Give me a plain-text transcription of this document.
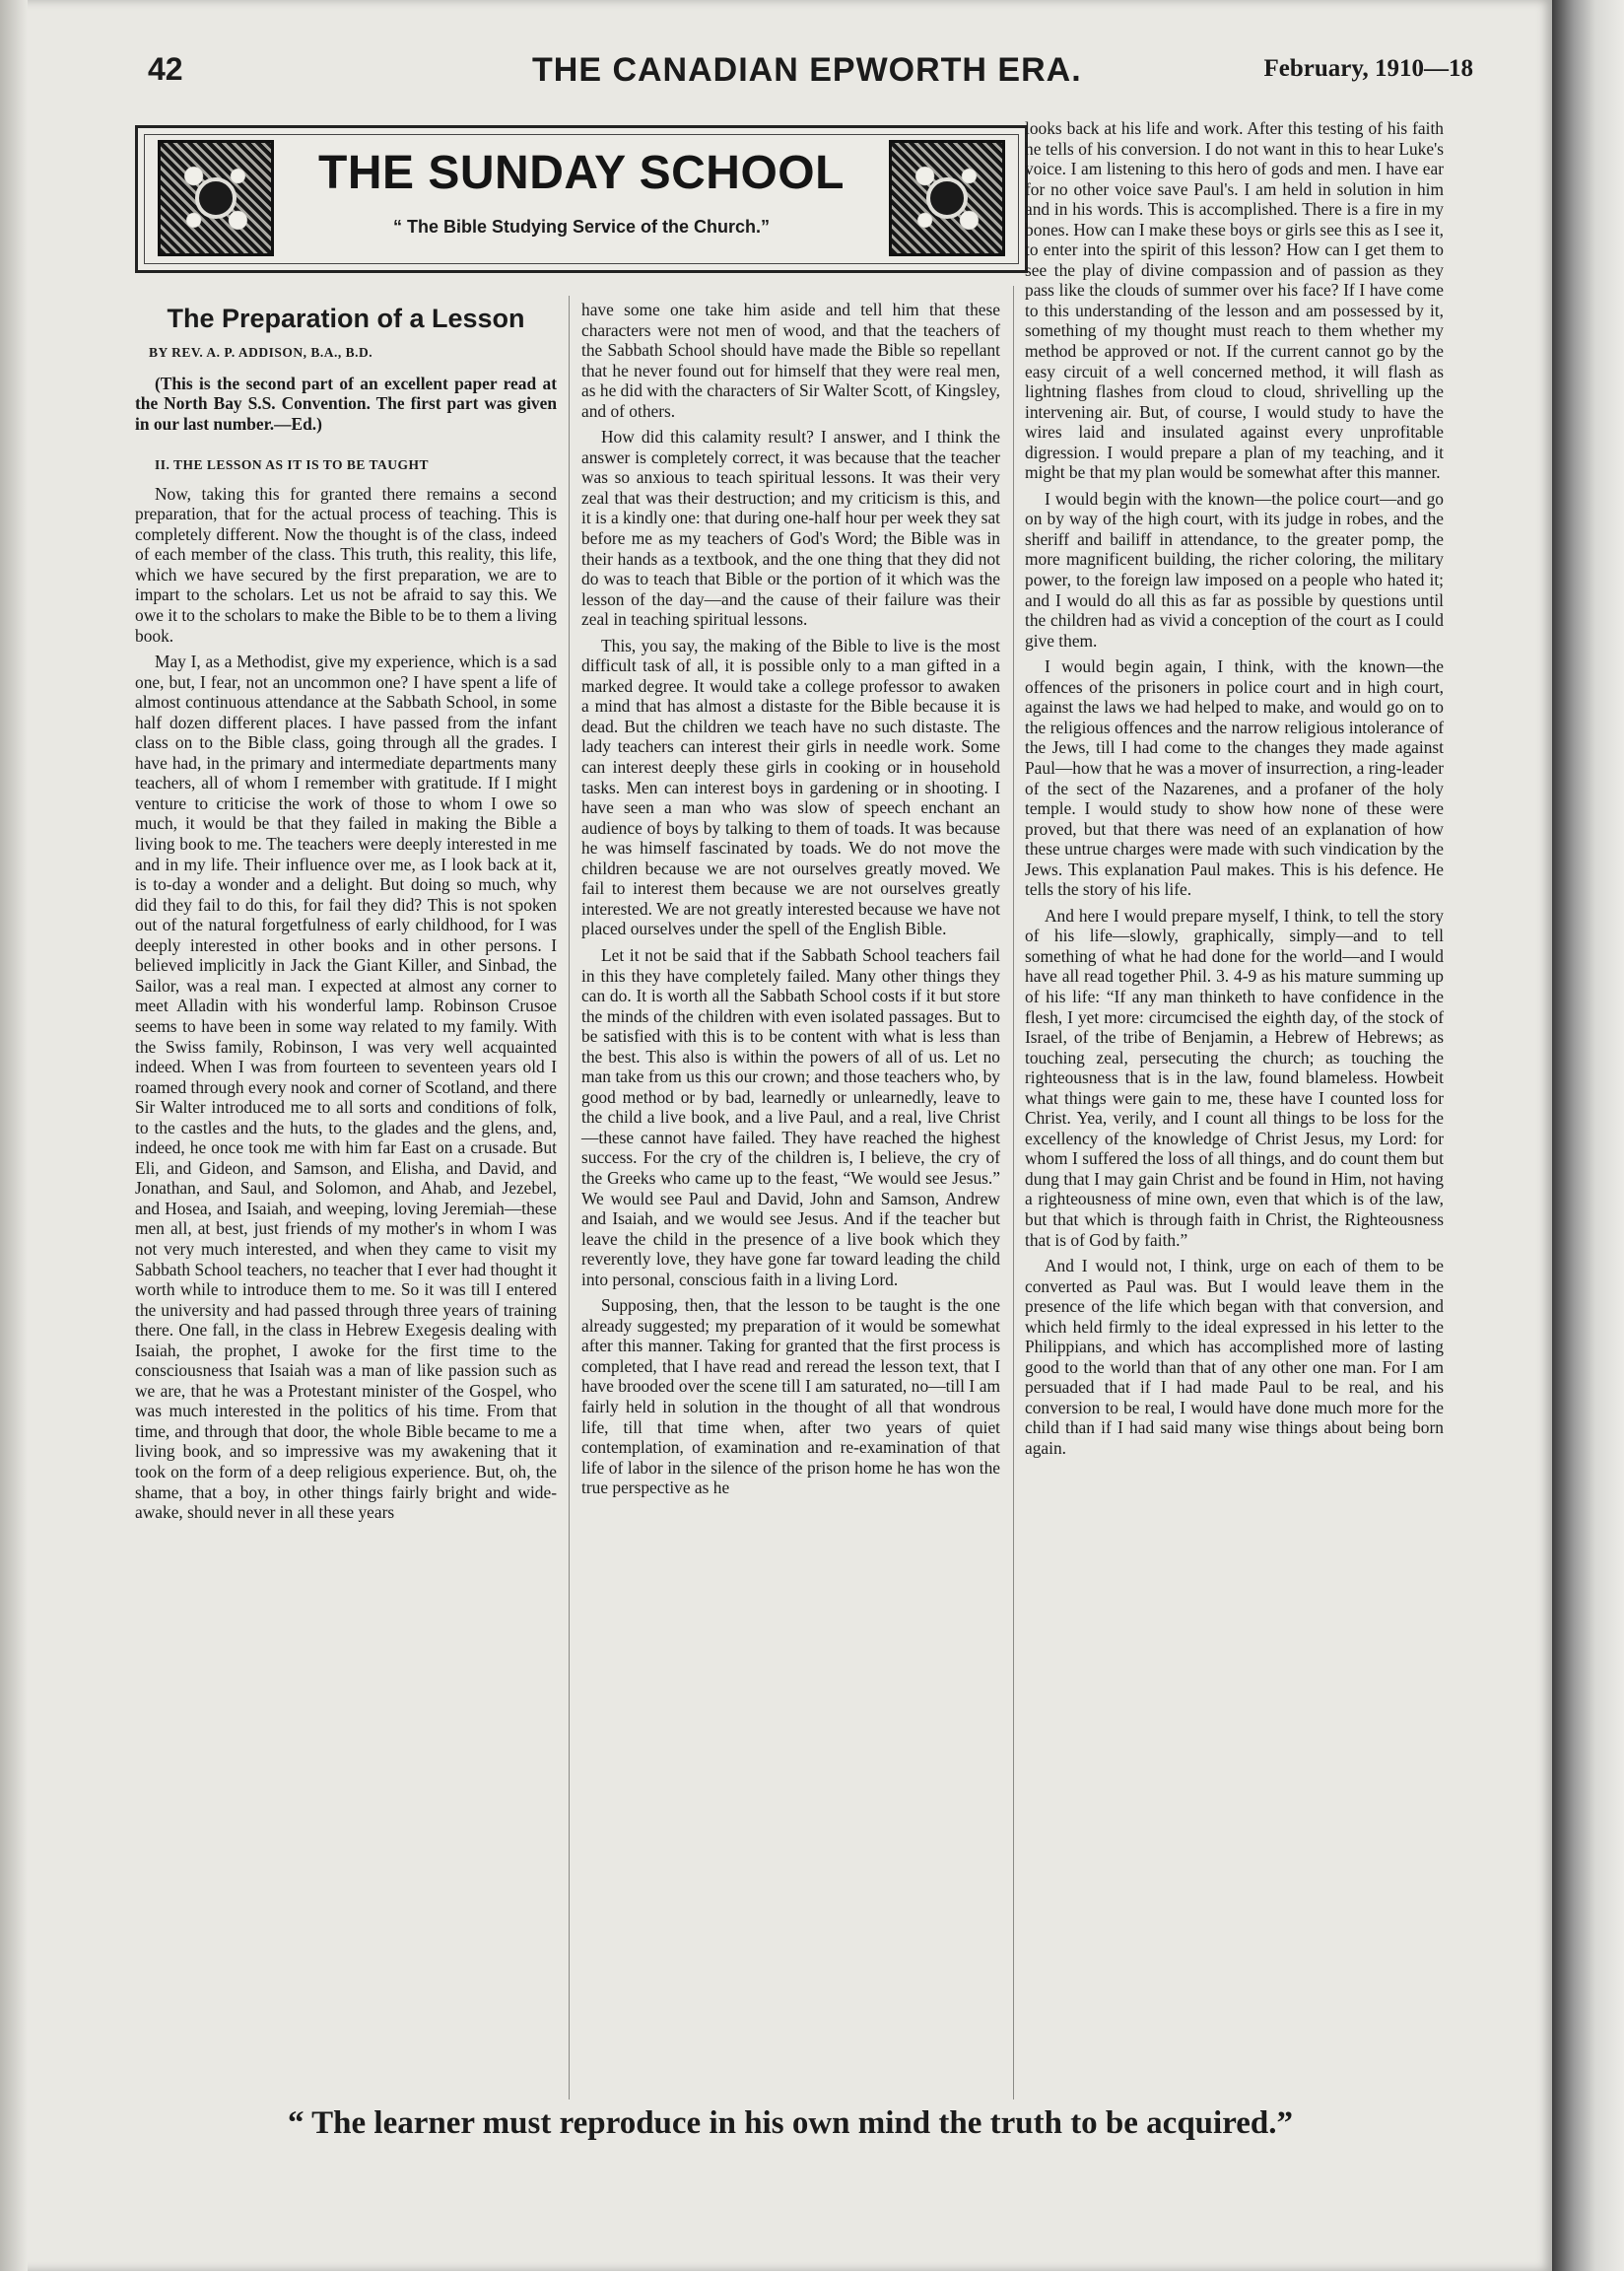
42	THE CANADIAN EPWORTH ERA.	February, 1910—18
THE SUNDAY SCHOOL
“ The Bible Studying Service of the Church.”
The Preparation of a Lesson

BY REV. A. P. ADDISON, B.A., B.D.

(This is the second part of an excellent paper read at the North Bay S.S. Convention. The first part was given in our last number.—Ed.)

II. THE LESSON AS IT IS TO BE TAUGHT

Now, taking this for granted there remains a second preparation, that for the actual process of teaching. This is completely different. Now the thought is of the class, indeed of each member of the class. This truth, this reality, this life, which we have secured by the first preparation, we are to impart to the scholars. Let us not be afraid to say this. We owe it to the scholars to make the Bible to be to them a living book.

May I, as a Methodist, give my experience, which is a sad one, but, I fear, not an uncommon one? I have spent a life of almost continuous attendance at the Sabbath School, in some half dozen different places. I have passed from the infant class on to the Bible class, going through all the grades. I have had, in the primary and intermediate departments many teachers, all of whom I remember with gratitude. If I might venture to criticise the work of those to whom I owe so much, it would be that they failed in making the Bible a living book to me. The teachers were deeply interested in me and in my life. Their influence over me, as I look back at it, is to-day a wonder and a delight. But doing so much, why did they fail to do this, for fail they did? This is not spoken out of the natural forgetfulness of early childhood, for I was deeply interested in other books and in other persons. I believed implicitly in Jack the Giant Killer, and Sinbad, the Sailor, was a real man. I expected at almost any corner to meet Alladin with his wonderful lamp. Robinson Crusoe seems to have been in some way related to my family. With the Swiss family, Robinson, I was very well acquainted indeed. When I was from fourteen to seventeen years old I roamed through every nook and corner of Scotland, and there Sir Walter introduced me to all sorts and conditions of folk, to the castles and the huts, to the glades and the glens, and, indeed, he once took me with him far East on a crusade. But Eli, and Gideon, and Samson, and Elisha, and David, and Jonathan, and Saul, and Solomon, and Ahab, and Jezebel, and Hosea, and Isaiah, and weeping, loving Jeremiah—these men all, at best, just friends of my mother's in whom I was not very much interested, and when they came to visit my Sabbath School teachers, no teacher that I ever had thought it worth while to introduce them to me. So it was till I entered the university and had passed through three years of training there. One fall, in the class in Hebrew Exegesis dealing with Isaiah, the prophet, I awoke for the first time to the consciousness that Isaiah was a man of like passion such as we are, that he was a Protestant minister of the Gospel, who was much interested in the politics of his time. From that time, and through that door, the whole Bible became to me a living book, and so impressive was my awakening that it took on the form of a deep religious experience. But, oh, the shame, that a boy, in other things fairly bright and wide-awake, should never in all these years

have some one take him aside and tell him that these characters were not men of wood, and that the teachers of the Sabbath School should have made the Bible so repellant that he never found out for himself that they were real men, as he did with the characters of Sir Walter Scott, of Kingsley, and of others.

How did this calamity result? I answer, and I think the answer is completely correct, it was because that the teacher was so anxious to teach spiritual lessons. It was their very zeal that was their destruction; and my criticism is this, and it is a kindly one: that during one-half hour per week they sat before me as my teachers of God's Word; the Bible was in their hands as a textbook, and the one thing that they did not do was to teach that Bible or the portion of it which was the lesson of the day—and the cause of their failure was their zeal in teaching spiritual lessons.

This, you say, the making of the Bible to live is the most difficult task of all, it is possible only to a man gifted in a marked degree. It would take a college professor to awaken a mind that has almost a distaste for the Bible because it is dead. But the children we teach have no such distaste. The lady teachers can interest their girls in needle work. Some can interest deeply these girls in cooking or in household tasks. Men can interest boys in gardening or in shooting. I have seen a man who was slow of speech enchant an audience of boys by talking to them of toads. It was because he was himself fascinated by toads. We do not move the children because we are not ourselves greatly moved. We fail to interest them because we are not ourselves greatly interested. We are not greatly interested because we have not placed ourselves under the spell of the English Bible.

Let it not be said that if the Sabbath School teachers fail in this they have completely failed. Many other things they can do. It is worth all the Sabbath School costs if it but store the minds of the children with even isolated passages. But to be satisfied with this is to be content with what is less than the best. This also is within the powers of all of us. Let no man take from us this our crown; and those teachers who, by good method or by bad, learnedly or unlearnedly, leave to the child a live book, and a live Paul, and a real, live Christ—these cannot have failed. They have reached the highest success. For the cry of the children is, I believe, the cry of the Greeks who came up to the feast, “We would see Jesus.” We would see Paul and David, John and Samson, Andrew and Isaiah, and we would see Jesus. And if the teacher but leave the child in the presence of a live book which they reverently love, they have gone far toward leading the child into personal, conscious faith in a living Lord.

Supposing, then, that the lesson to be taught is the one already suggested; my preparation of it would be somewhat after this manner. Taking for granted that the first process is completed, that I have read and reread the lesson text, that I have brooded over the scene till I am saturated, no—till I am fairly held in solution in the thought of all that wondrous life, till that time when, after two years of quiet contemplation, of examination and re-examination of that life of labor in the silence of the prison home he has won the true perspective as he

looks back at his life and work. After this testing of his faith he tells of his conversion. I do not want in this to hear Luke's voice. I am listening to this hero of gods and men. I have ear for no other voice save Paul's. I am held in solution in him and in his words. This is accomplished. There is a fire in my bones. How can I make these boys or girls see this as I see it, to enter into the spirit of this lesson? How can I get them to see the play of divine compassion and of passion as they pass like the clouds of summer over his face? If I have come to this understanding of the lesson and am possessed by it, something of my thought must reach to them whether my method be approved or not. If the current cannot go by the easy circuit of a well concerned method, it will flash as lightning flashes from cloud to cloud, shrivelling up the intervening air. But, of course, I would study to have the wires laid and insulated against every unprofitable digression. I would prepare a plan of my teaching, and it might be that my plan would be somewhat after this manner.

I would begin with the known—the police court—and go on by way of the high court, with its judge in robes, and the sheriff and bailiff in attendance, to the greater pomp, the more magnificent building, the richer coloring, the military power, to the foreign law imposed on a people who hated it; and I would do all this as far as possible by questions until the children had as vivid a conception of the court as I could give them.

I would begin again, I think, with the known—the offences of the prisoners in police court and in high court, against the laws we had helped to make, and would go on to the religious offences and the narrow religious intolerance of the Jews, till I had come to the changes they made against Paul—how that he was a mover of insurrection, a ring-leader of the sect of the Nazarenes, and a profaner of the holy temple. I would study to show how none of these were proved, but that there was need of an explanation of how these untrue charges were made with such vindication by the Jews. This explanation Paul makes. This is his defence. He tells the story of his life.

And here I would prepare myself, I think, to tell the story of his life—slowly, graphically, simply—and to tell something of what he had done for the world—and I would have all read together Phil. 3. 4-9 as his mature summing up of his life: “If any man thinketh to have confidence in the flesh, I yet more: circumcised the eighth day, of the stock of Israel, of the tribe of Benjamin, a Hebrew of Hebrews; as touching zeal, persecuting the church; as touching the righteousness that is in the law, found blameless. Howbeit what things were gain to me, these have I counted loss for Christ. Yea, verily, and I count all things to be loss for the excellency of the knowledge of Christ Jesus, my Lord: for whom I suffered the loss of all things, and do count them but dung that I may gain Christ and be found in Him, not having a righteousness of mine own, even that which is of the law, but that which is through faith in Christ, the Righteousness that is of God by faith.”

And I would not, I think, urge on each of them to be converted as Paul was. But I would leave them in the presence of the life which began with that conversion, and which held firmly to the ideal expressed in his letter to the Philippians, and which has accomplished more of lasting good to the world than that of any other one man. For I am persuaded that if I had made Paul to be real, and his conversion to be real, I would have done much more for the child than if I had said many wise things about being born again.

“ The learner must reproduce in his own mind the truth to be acquired.”
